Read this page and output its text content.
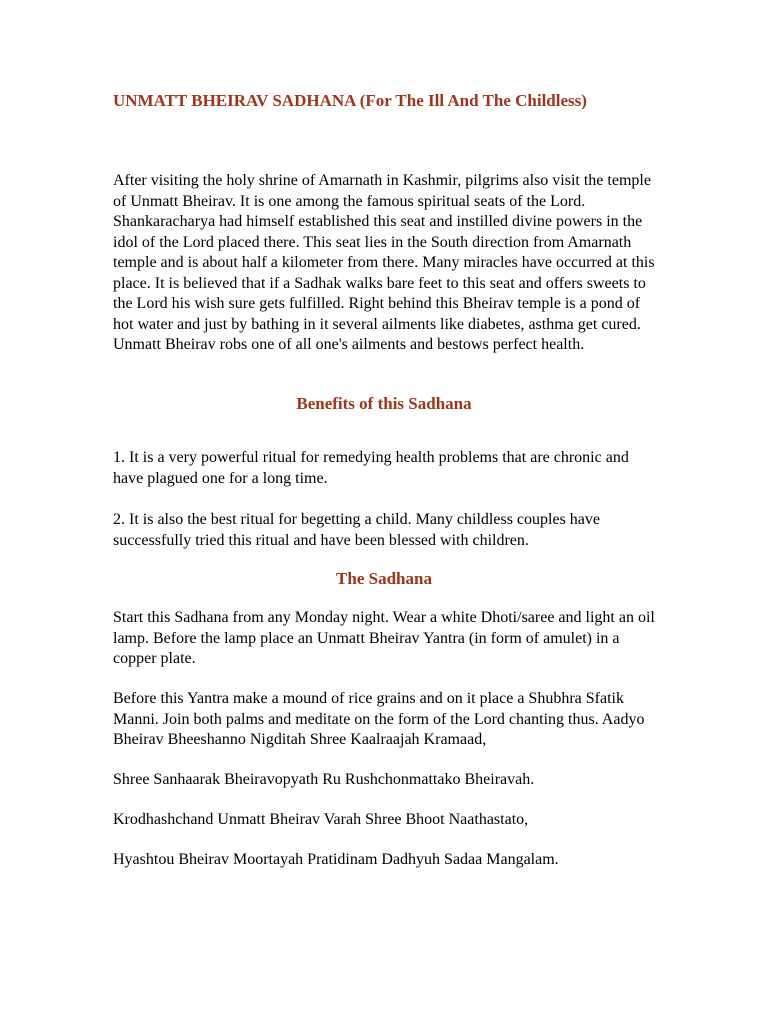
UNMATT BHEIRAV SADHANA (For The Ill And The Childless)

After visiting the holy shrine of Amarnath in Kashmir, pilgrims also visit the temple of Unmatt Bheirav. It is one among the famous spiritual seats of the Lord. Shankaracharya had himself established this seat and instilled divine powers in the idol of the Lord placed there. This seat lies in the South direction from Amarnath temple and is about half a kilometer from there. Many miracles have occurred at this place. It is believed that if a Sadhak walks bare feet to this seat and offers sweets to the Lord his wish sure gets fulfilled. Right behind this Bheirav temple is a pond of hot water and just by bathing in it several ailments like diabetes, asthma get cured. Unmatt Bheirav robs one of all one's ailments and bestows perfect health.

Benefits of this Sadhana

1. It is a very powerful ritual for remedying health problems that are chronic and have plagued one for a long time.

2. It is also the best ritual for begetting a child. Many childless couples have successfully tried this ritual and have been blessed with children.

The Sadhana

Start this Sadhana from any Monday night. Wear a white Dhoti/saree and light an oil lamp. Before the lamp place an Unmatt Bheirav Yantra (in form of amulet) in a copper plate.

Before this Yantra make a mound of rice grains and on it place a Shubhra Sfatik Manni. Join both palms and meditate on the form of the Lord chanting thus. Aadyo Bheirav Bheeshanno Nigditah Shree Kaalraajah Kramaad,

Shree Sanhaarak Bheiravopyath Ru Rushchonmattako Bheiravah.

Krodhashchand Unmatt Bheirav Varah Shree Bhoot Naathastato,

Hyashtou Bheirav Moortayah Pratidinam Dadhyuh Sadaa Mangalam.
